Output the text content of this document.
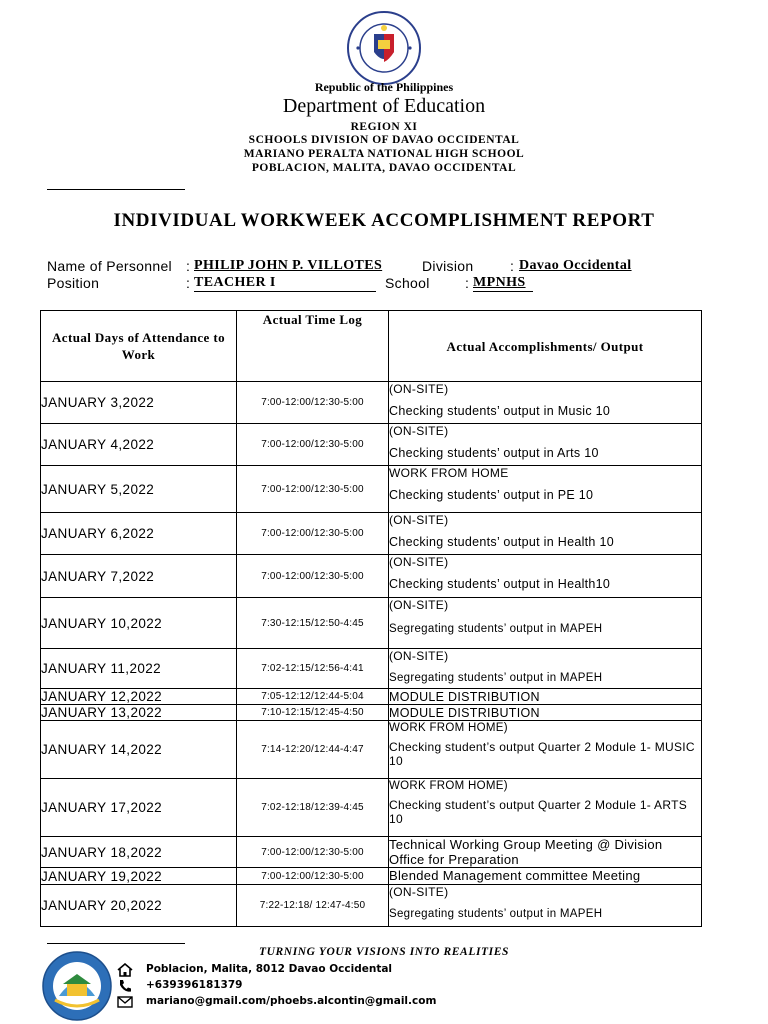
Republic of the Philippines
Department of Education
REGION XI
SCHOOLS DIVISION OF DAVAO OCCIDENTAL
MARIANO PERALTA NATIONAL HIGH SCHOOL
POBLACION, MALITA, DAVAO OCCIDENTAL
INDIVIDUAL WORKWEEK ACCOMPLISHMENT REPORT
Name of Personnel : PHILIP JOHN P. VILLOTES	Division	: Davao Occidental
Position	: TEACHER I	School	: MPNHS
Actual Days of Attendance to Work	Actual Time Log	Actual Accomplishments/ Output
JANUARY 3,2022	7:00-12:00/12:30-5:00	(ON-SITE)
Checking students’ output in Music 10

JANUARY 4,2022	7:00-12:00/12:30-5:00	(ON-SITE)
Checking students’ output in Arts 10

JANUARY 5,2022	7:00-12:00/12:30-5:00	WORK FROM HOME
Checking students’ output in PE 10

JANUARY 6,2022	7:00-12:00/12:30-5:00	(ON-SITE)
Checking students’ output in Health 10

JANUARY 7,2022	7:00-12:00/12:30-5:00	(ON-SITE)
Checking students’ output in Health10

JANUARY 10,2022	7:30-12:15/12:50-4:45	(ON-SITE)
Segregating students’ output in MAPEH

JANUARY 11,2022	7:02-12:15/12:56-4:41	(ON-SITE)
Segregating students’ output in MAPEH

JANUARY 12,2022	7:05-12:12/12:44-5:04	MODULE DISTRIBUTION
JANUARY 13,2022	7:10-12:15/12:45-4:50	MODULE DISTRIBUTION
JANUARY 14,2022	7:14-12:20/12:44-4:47	WORK FROM HOME)
Checking student’s output Quarter 2 Module 1- MUSIC 10

JANUARY 17,2022	7:02-12:18/12:39-4:45	WORK FROM HOME)
Checking student’s output Quarter 2 Module 1- ARTS 10

JANUARY 18,2022	7:00-12:00/12:30-5:00	Technical Working Group Meeting @ Division Office for Preparation
JANUARY 19,2022	7:00-12:00/12:30-5:00	Blended Management committee Meeting
JANUARY 20,2022	7:22-12:18/ 12:47-4:50	(ON-SITE)
Segregating students’ output in MAPEH
TURNING YOUR VISIONS INTO REALITIES
Poblacion, Malita, 8012 Davao Occidental
+639396181379
mariano@gmail.com/phoebs.alcontin@gmail.com
